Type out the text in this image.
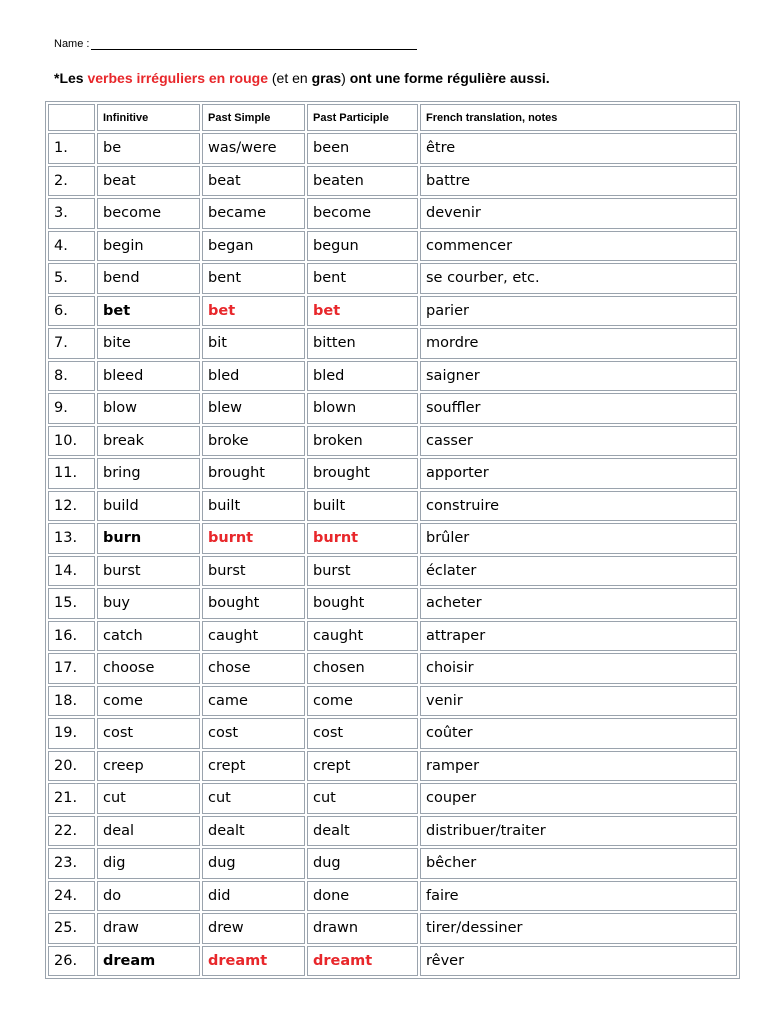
Name :
*Les verbes irréguliers en rouge (et en gras) ont une forme régulière aussi.
	Infinitive	Past Simple	Past Participle	French translation, notes
1.	be	was/were	been	être
2.	beat	beat	beaten	battre
3.	become	became	become	devenir
4.	begin	began	begun	commencer
5.	bend	bent	bent	se courber, etc.
6.	bet	bet	bet	parier
7.	bite	bit	bitten	mordre
8.	bleed	bled	bled	saigner
9.	blow	blew	blown	souffler
10.	break	broke	broken	casser
11.	bring	brought	brought	apporter
12.	build	built	built	construire
13.	burn	burnt	burnt	brûler
14.	burst	burst	burst	éclater
15.	buy	bought	bought	acheter
16.	catch	caught	caught	attraper
17.	choose	chose	chosen	choisir
18.	come	came	come	venir
19.	cost	cost	cost	coûter
20.	creep	crept	crept	ramper
21.	cut	cut	cut	couper
22.	deal	dealt	dealt	distribuer/traiter
23.	dig	dug	dug	bêcher
24.	do	did	done	faire
25.	draw	drew	drawn	tirer/dessiner
26.	dream	dreamt	dreamt	rêver
